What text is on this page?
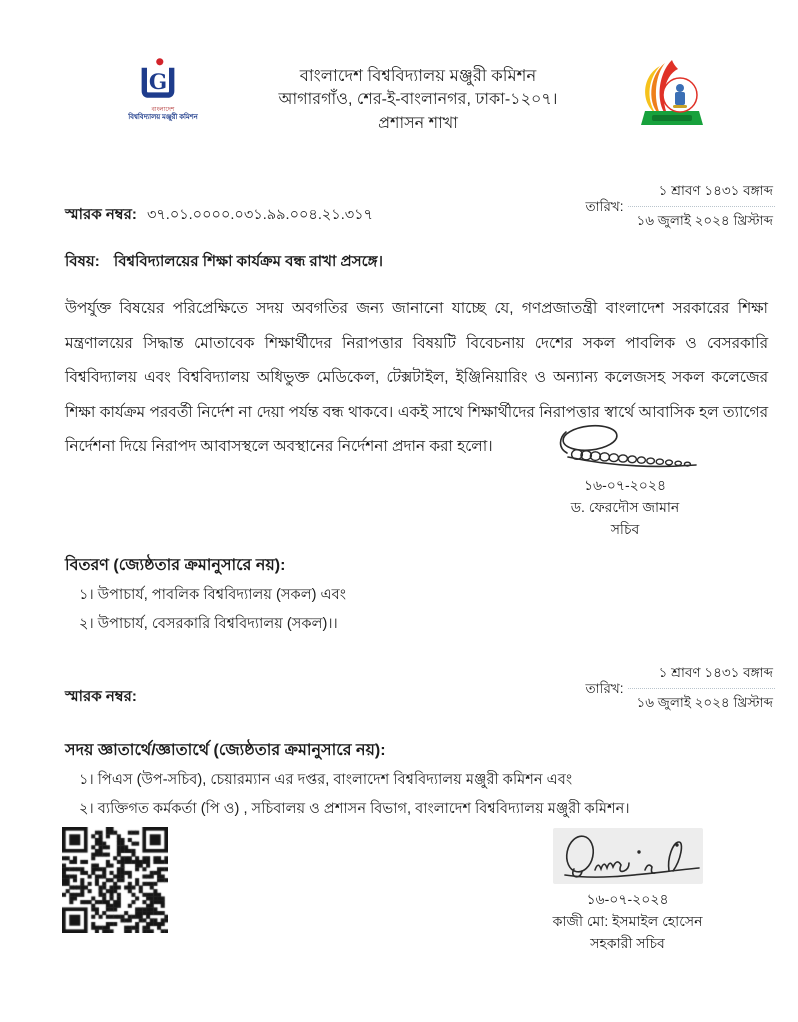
G
বাংলাদেশ
বিশ্ববিদ্যালয় মঞ্জুরী কমিশন
বাংলাদেশ বিশ্ববিদ্যালয় মঞ্জুরী কমিশন
আগারগাঁও, শের-ই-বাংলানগর, ঢাকা-১২০৭।
প্রশাসন শাখা
স্মারক নম্বর: ৩৭.০১.০০০০.০৩১.৯৯.০০৪.২১.৩১৭
তারিখ:
১ শ্রাবণ ১৪৩১ বঙ্গাব্দ
১৬ জুলাই ২০২৪ খ্রিস্টাব্দ
বিষয়: বিশ্ববিদ্যালয়ের শিক্ষা কার্যক্রম বন্ধ রাখা প্রসঙ্গে।
উপর্যুক্ত বিষয়ের পরিপ্রেক্ষিতে সদয় অবগতির জন্য জানানো যাচ্ছে যে, গণপ্রজাতন্ত্রী বাংলাদেশ সরকারের শিক্ষা মন্ত্রণালয়ের সিদ্ধান্ত মোতাবেক শিক্ষার্থীদের নিরাপত্তার বিষয়টি বিবেচনায় দেশের সকল পাবলিক ও বেসরকারি বিশ্ববিদ্যালয় এবং বিশ্ববিদ্যালয় অধিভুক্ত মেডিকেল, টেক্সটাইল, ইঞ্জিনিয়ারিং ও অন্যান্য কলেজসহ সকল কলেজের শিক্ষা কার্যক্রম পরবর্তী নির্দেশ না দেয়া পর্যন্ত বন্ধ থাকবে। একই সাথে শিক্ষার্থীদের নিরাপত্তার স্বার্থে আবাসিক হল ত্যাগের নির্দেশনা দিয়ে নিরাপদ আবাসস্থলে অবস্থানের নির্দেশনা প্রদান করা হলো।
১৬-০৭-২০২৪
ড. ফেরদৌস জামান
সচিব
বিতরণ (জ্যেষ্ঠতার ক্রমানুসারে নয়):
১। উপাচার্য, পাবলিক বিশ্ববিদ্যালয় (সকল) এবং
২। উপাচার্য, বেসরকারি বিশ্ববিদ্যালয় (সকল)।।
স্মারক নম্বর:	তারিখ:
১ শ্রাবণ ১৪৩১ বঙ্গাব্দ
১৬ জুলাই ২০২৪ খ্রিস্টাব্দ
সদয় জ্ঞাতার্থে/জ্ঞাতার্থে (জ্যেষ্ঠতার ক্রমানুসারে নয়):
১। পিএস (উপ-সচিব), চেয়ারম্যান এর দপ্তর, বাংলাদেশ বিশ্ববিদ্যালয় মঞ্জুরী কমিশন এবং
২। ব্যক্তিগত কর্মকর্তা (পি ও) , সচিবালয় ও প্রশাসন বিভাগ, বাংলাদেশ বিশ্ববিদ্যালয় মঞ্জুরী কমিশন।
১৬-০৭-২০২৪
কাজী মো: ইসমাইল হোসেন
সহকারী সচিব
